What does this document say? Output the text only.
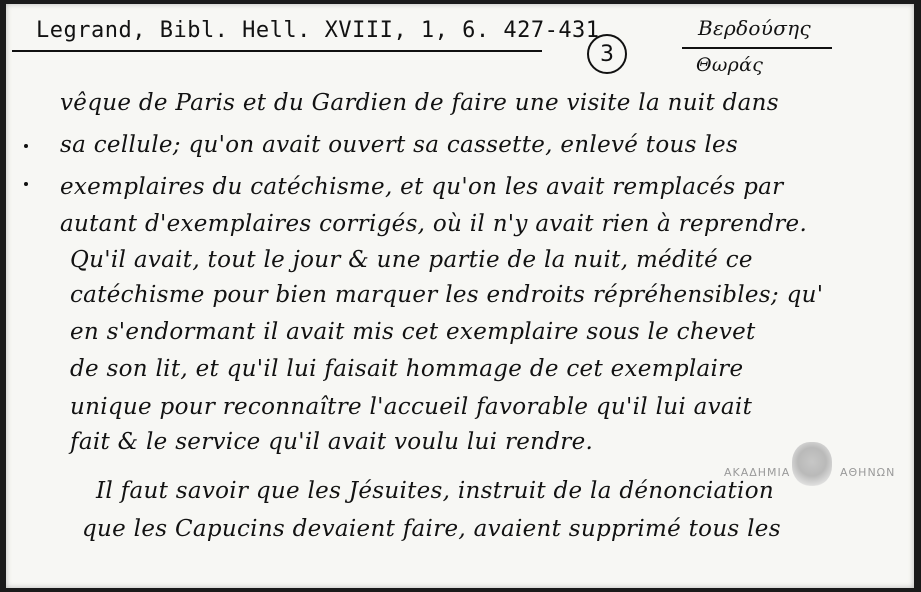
Legrand, Bibl. Hell. XVIII, 1, 6. 427-431
3
Βερδούσης
Θωράς
vêque de Paris et du Gardien de faire une visite la nuit dans
sa cellule; qu'on avait ouvert sa cassette, enlevé tous les
exemplaires du catéchisme, et qu'on les avait remplacés par
autant d'exemplaires corrigés, où il n'y avait rien à reprendre.
Qu'il avait, tout le jour & une partie de la nuit, médité ce
catéchisme pour bien marquer les endroits répréhensibles; qu'
en s'endormant il avait mis cet exemplaire sous le chevet
de son lit, et qu'il lui faisait hommage de cet exemplaire
unique pour reconnaître l'accueil favorable qu'il lui avait
fait & le service qu'il avait voulu lui rendre.
Il faut savoir que les Jésuites, instruit de la dénonciation
que les Capucins devaient faire, avaient supprimé tous les
ΑΚΑΔΗΜΙΑ	ΑΘΗΝΩΝ
